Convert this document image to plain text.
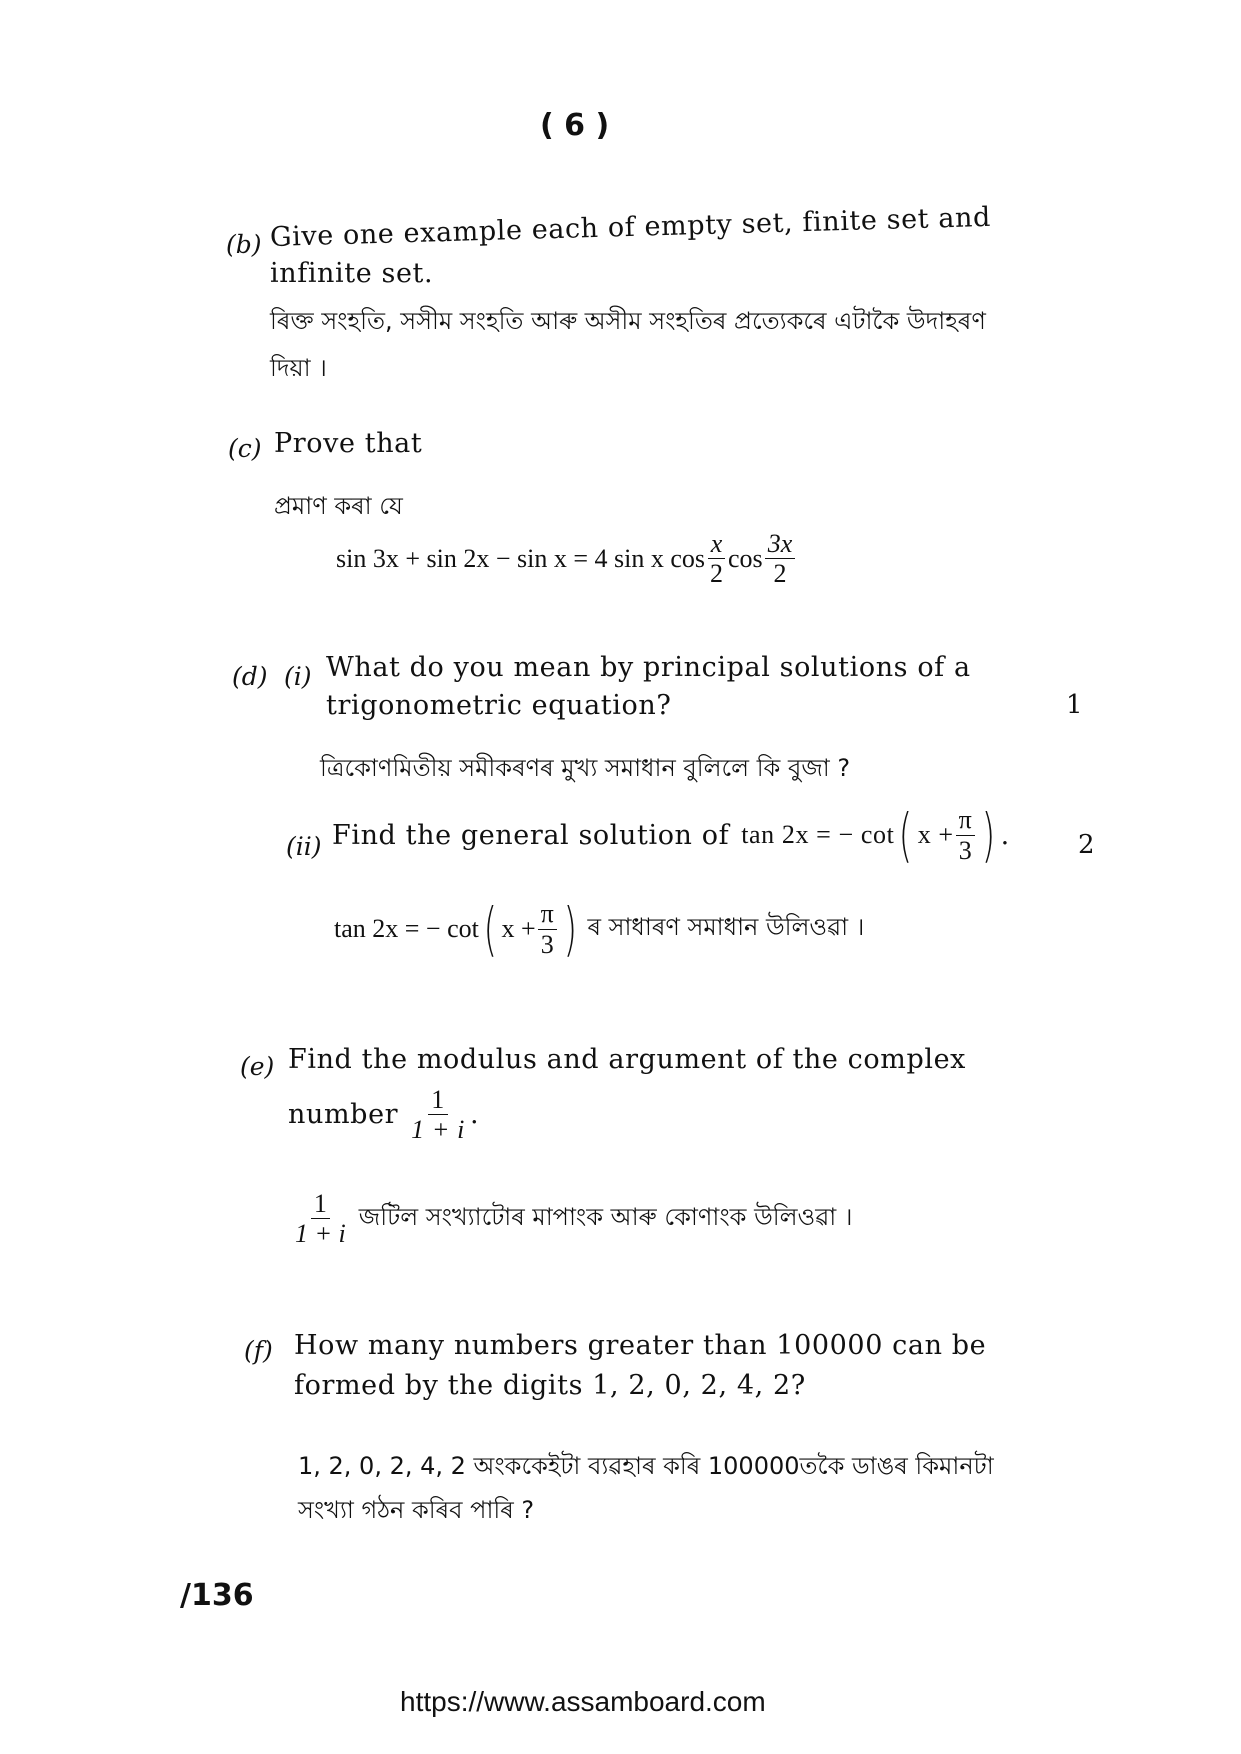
( 6 )
(b) Give one example each of empty set, finite set and
infinite set.
ৰিক্ত সংহতি, সসীম সংহতি আৰু অসীম সংহতিৰ প্ৰত্যেকৰে এটাকৈ উদাহৰণ
দিয়া ।
(c) Prove that
প্ৰমাণ কৰা যে
sin 3x + sin 2x − sin x = 4 sin x $\cos \frac{x}{2}$ $\cos \frac{3x}{2}$
(d) (i) What do you mean by principal solutions of a
trigonometric equation?	1
ত্ৰিকোণমিতীয় সমীকৰণৰ মুখ্য সমাধান বুলিলে কি বুজা ?
(ii) Find the general solution of tan 2x = − cot ( $x + \frac{\pi}{3}$ ) .	2
tan 2x = − cot ( $x + \frac{\pi}{3}$ ) ৰ সাধাৰণ সমাধান উলিওৱা ।
(e) Find the modulus and argument of the complex
number $\frac{1}{1 + i}$ .
$\frac{1}{1 + i}$ জটিল সংখ্যাটোৰ মাপাংক আৰু কোণাংক উলিওৱা ।
(f) How many numbers greater than 100000 can be
formed by the digits 1, 2, 0, 2, 4, 2?
1, 2, 0, 2, 4, 2 অংককেইটা ব্যৱহাৰ কৰি 100000তকৈ ডাঙৰ কিমানটা
সংখ্যা গঠন কৰিব পাৰি ?
/136
https://www.assamboard.com
